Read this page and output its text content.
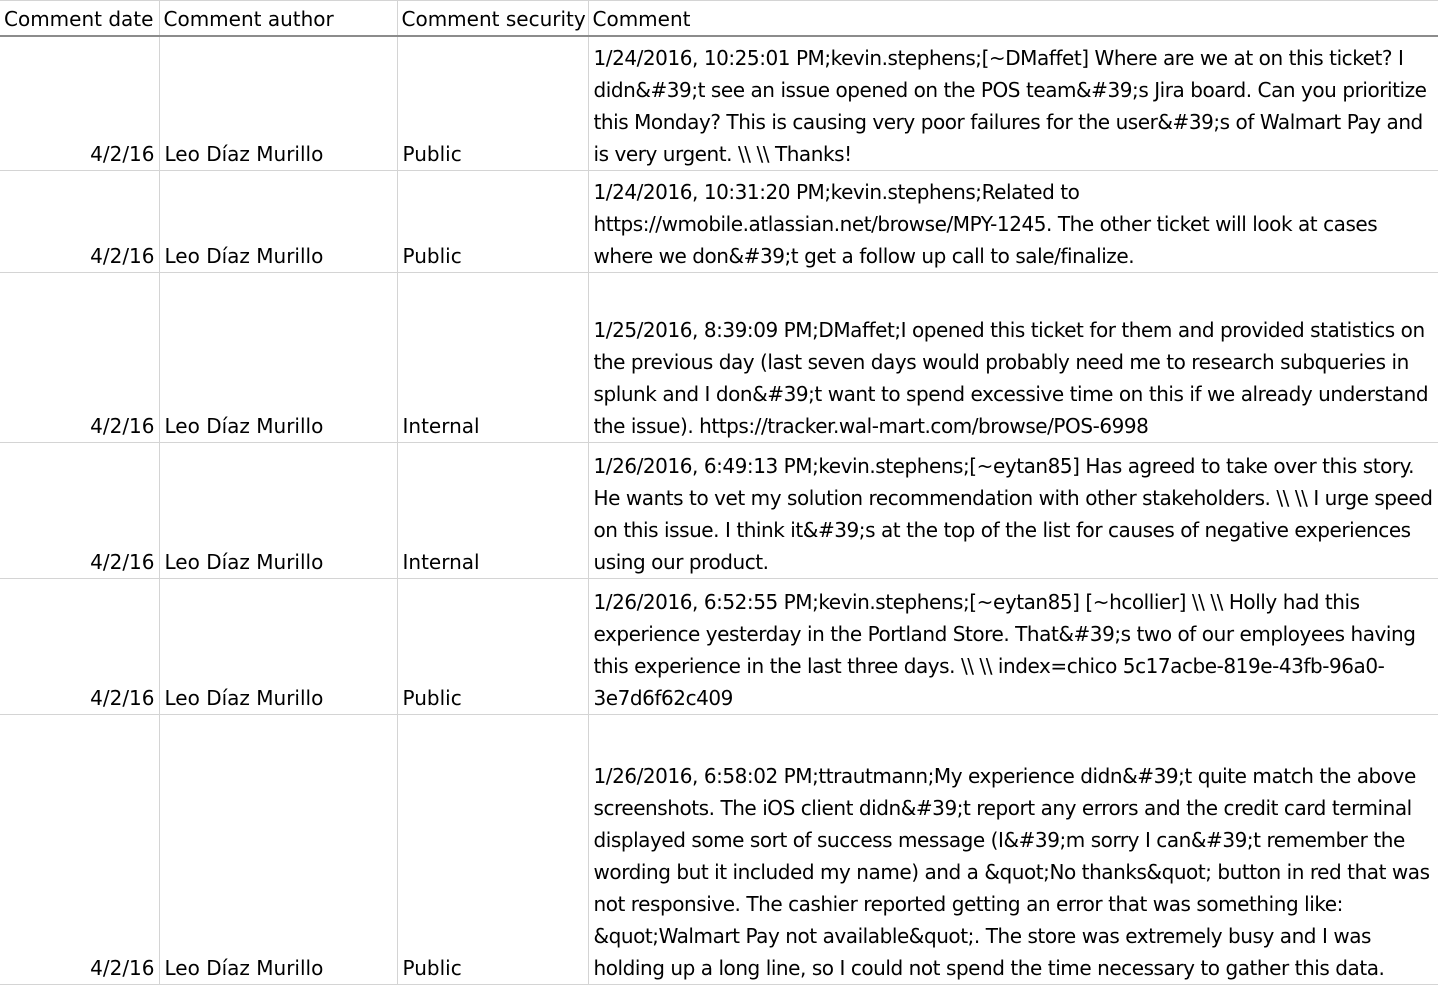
Comment date	Comment author	Comment security	Comment
4/2/16	Leo Díaz Murillo	Public	1/24/2016, 10:25:01 PM;kevin.stephens;[~DMaffet] Where are we at on this ticket? I didn&#39;t see an issue opened on the POS team&#39;s Jira board. Can you prioritize this Monday? This is causing very poor failures for the user&#39;s of Walmart Pay and is very urgent. \\ \\ Thanks!
4/2/16	Leo Díaz Murillo	Public	1/24/2016, 10:31:20 PM;kevin.stephens;Related to https://wmobile.atlassian.net/browse/MPY-1245. The other ticket will look at cases where we don&#39;t get a follow up call to sale/finalize.
4/2/16	Leo Díaz Murillo	Internal	1/25/2016, 8:39:09 PM;DMaffet;I opened this ticket for them and provided statistics on the previous day (last seven days would probably need me to research subqueries in splunk and I don&#39;t want to spend excessive time on this if we already understand the issue). https://tracker.wal-mart.com/browse/POS-6998
4/2/16	Leo Díaz Murillo	Internal	1/26/2016, 6:49:13 PM;kevin.stephens;[~eytan85] Has agreed to take over this story. He wants to vet my solution recommendation with other stakeholders. \\ \\ I urge speed on this issue. I think it&#39;s at the top of the list for causes of negative experiences using our product.
4/2/16	Leo Díaz Murillo	Public	1/26/2016, 6:52:55 PM;kevin.stephens;[~eytan85] [~hcollier] \\ \\ Holly had this experience yesterday in the Portland Store. That&#39;s two of our employees having this experience in the last three days. \\ \\ index=chico 5c17acbe-819e-43fb-96a0-3e7d6f62c409
4/2/16	Leo Díaz Murillo	Public	1/26/2016, 6:58:02 PM;ttrautmann;My experience didn&#39;t quite match the above screenshots. The iOS client didn&#39;t report any errors and the credit card terminal displayed some sort of success message (I&#39;m sorry I can&#39;t remember the wording but it included my name) and a &quot;No thanks&quot; button in red that was not responsive. The cashier reported getting an error that was something like: &quot;Walmart Pay not available&quot;. The store was extremely busy and I was holding up a long line, so I could not spend the time necessary to gather this data.
